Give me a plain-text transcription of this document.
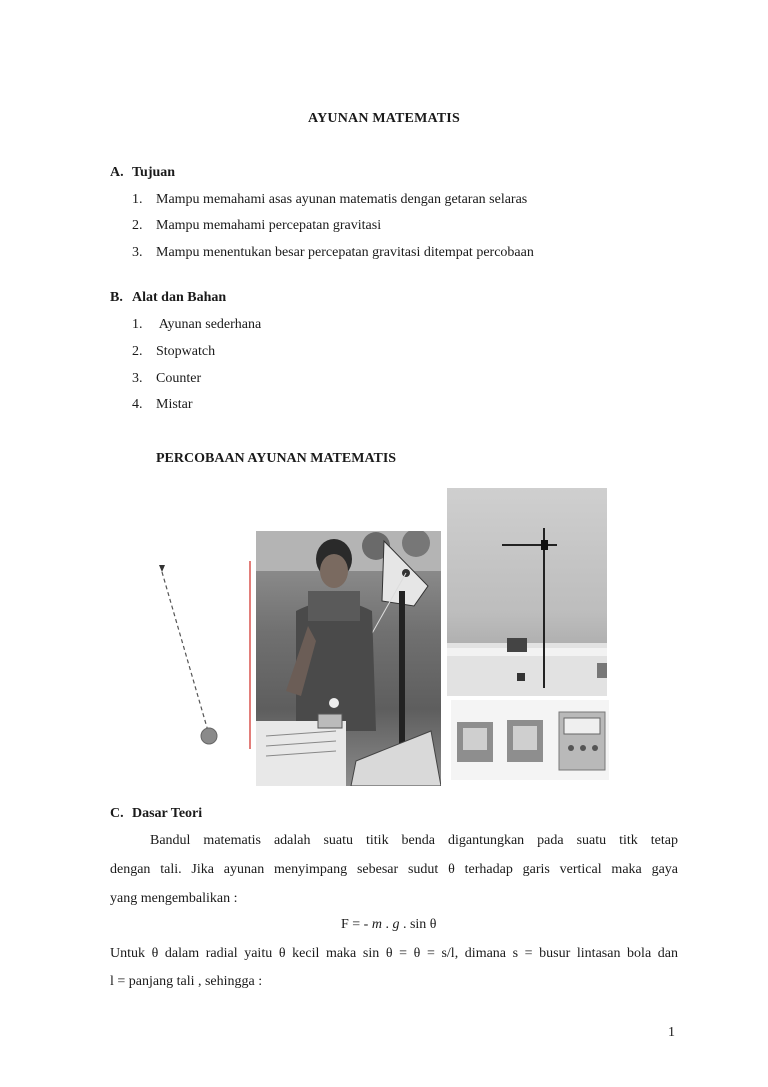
AYUNAN MATEMATIS
A. Tujuan
1. Mampu memahami asas ayunan matematis dengan getaran selaras
2. Mampu memahami percepatan gravitasi
3. Mampu menentukan besar percepatan gravitasi ditempat percobaan
B. Alat dan Bahan
1. Ayunan sederhana
2. Stopwatch
3. Counter
4. Mistar
PERCOBAAN AYUNAN MATEMATIS
C. Dasar Teori
Bandul matematis adalah suatu titik benda digantungkan pada suatu titk tetap
dengan tali. Jika ayunan menyimpang sebesar sudut θ terhadap garis vertical maka gaya
yang mengembalikan :
F = - m . g . sin θ
Untuk θ dalam radial yaitu θ kecil maka sin θ = θ = s/l, dimana s = busur lintasan bola dan
l = panjang tali , sehingga :
1
